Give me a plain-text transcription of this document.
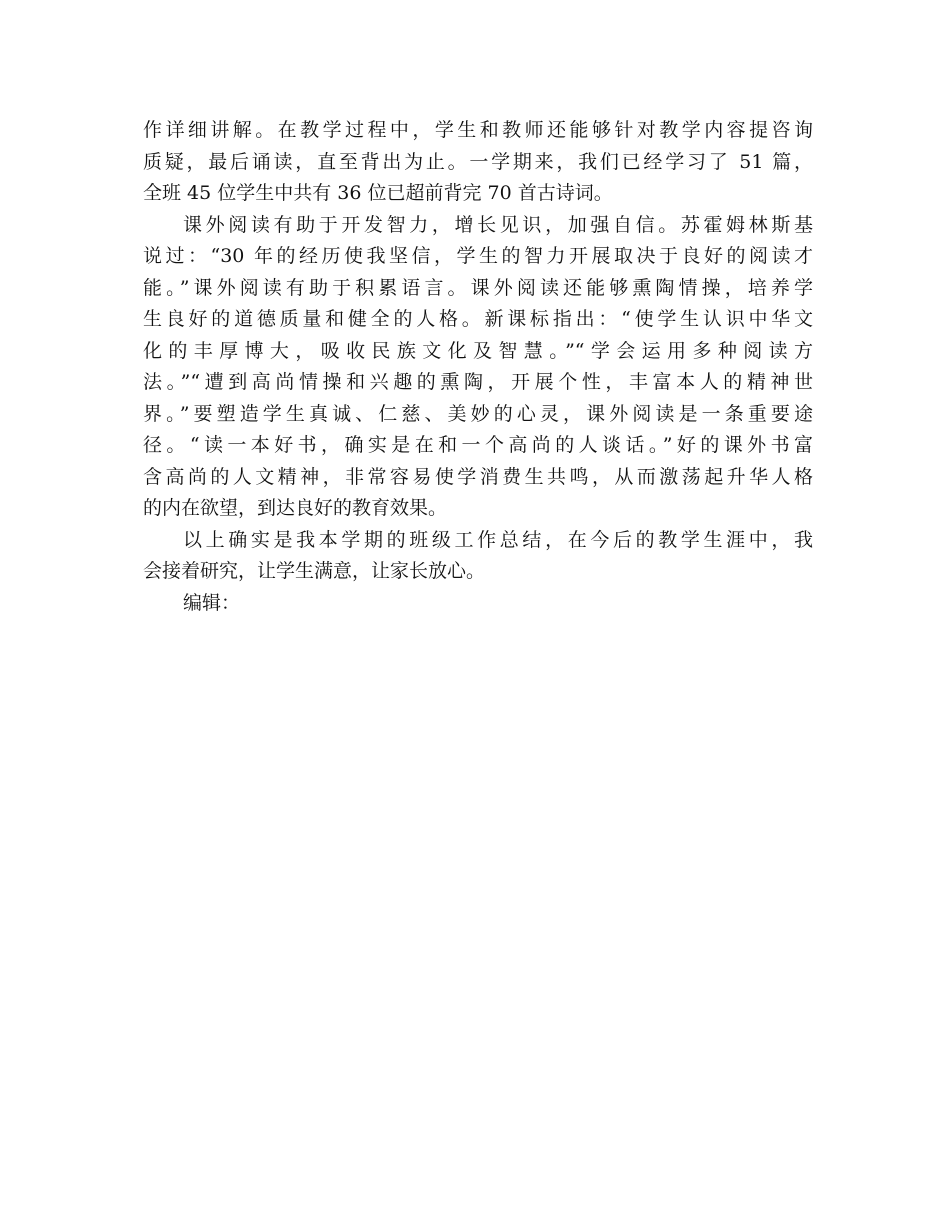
作详细讲解。在教学过程中，学生和教师还能够针对教学内容提咨询
质疑，最后诵读，直至背出为止。一学期来，我们已经学习了 51 篇，
全班 45 位学生中共有 36 位已超前背完 70 首古诗词。
课外阅读有助于开发智力，增长见识，加强自信。苏霍姆林斯基
说过：“30 年的经历使我坚信，学生的智力开展取决于良好的阅读才
能。”课外阅读有助于积累语言。课外阅读还能够熏陶情操，培养学
生良好的道德质量和健全的人格。新课标指出：“使学生认识中华文
化的丰厚博大，吸收民族文化及智慧。”“学会运用多种阅读方
法。”“遭到高尚情操和兴趣的熏陶，开展个性，丰富本人的精神世
界。”要塑造学生真诚、仁慈、美妙的心灵，课外阅读是一条重要途
径。“读一本好书，确实是在和一个高尚的人谈话。”好的课外书富
含高尚的人文精神，非常容易使学消费生共鸣，从而激荡起升华人格
的内在欲望，到达良好的教育效果。
以上确实是我本学期的班级工作总结，在今后的教学生涯中，我
会接着研究，让学生满意，让家长放心。
编辑：
